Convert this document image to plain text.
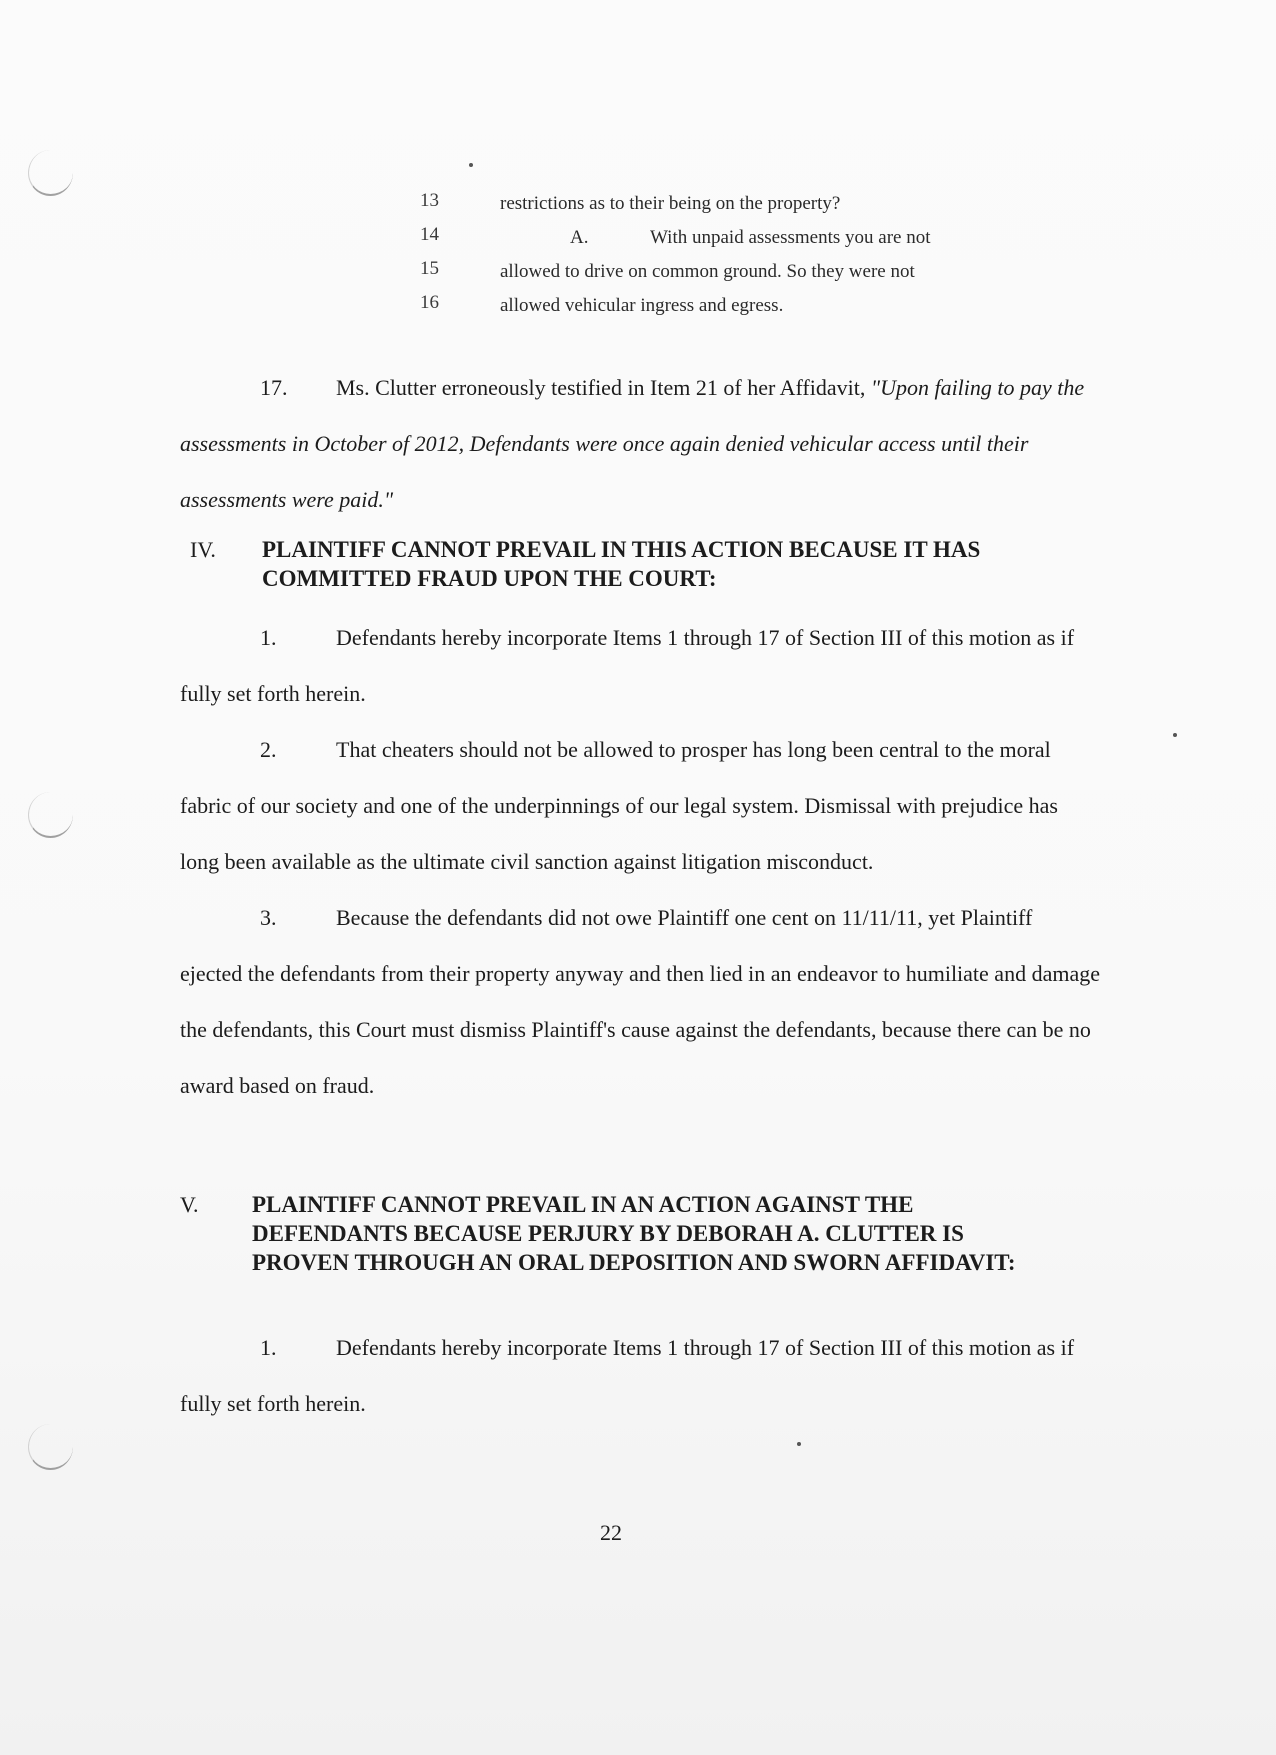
13	restrictions as to their being on the property?
14	A.	With unpaid assessments you are not
15	allowed to drive on common ground. So they were not
16	allowed vehicular ingress and egress.

17. Ms. Clutter erroneously testified in Item 21 of her Affidavit, "Upon failing to pay the assessments in October of 2012, Defendants were once again denied vehicular access until their assessments were paid."

IV.	PLAINTIFF CANNOT PREVAIL IN THIS ACTION BECAUSE IT HAS COMMITTED FRAUD UPON THE COURT:

1.	Defendants hereby incorporate Items 1 through 17 of Section III of this motion as if fully set forth herein.

2.	That cheaters should not be allowed to prosper has long been central to the moral fabric of our society and one of the underpinnings of our legal system. Dismissal with prejudice has long been available as the ultimate civil sanction against litigation misconduct.

3.	Because the defendants did not owe Plaintiff one cent on 11/11/11, yet Plaintiff ejected the defendants from their property anyway and then lied in an endeavor to humiliate and damage the defendants, this Court must dismiss Plaintiff's cause against the defendants, because there can be no award based on fraud.

V.	PLAINTIFF CANNOT PREVAIL IN AN ACTION AGAINST THE DEFENDANTS BECAUSE PERJURY BY DEBORAH A. CLUTTER IS PROVEN THROUGH AN ORAL DEPOSITION AND SWORN AFFIDAVIT:

1.	Defendants hereby incorporate Items 1 through 17 of Section III of this motion as if fully set forth herein.

22
